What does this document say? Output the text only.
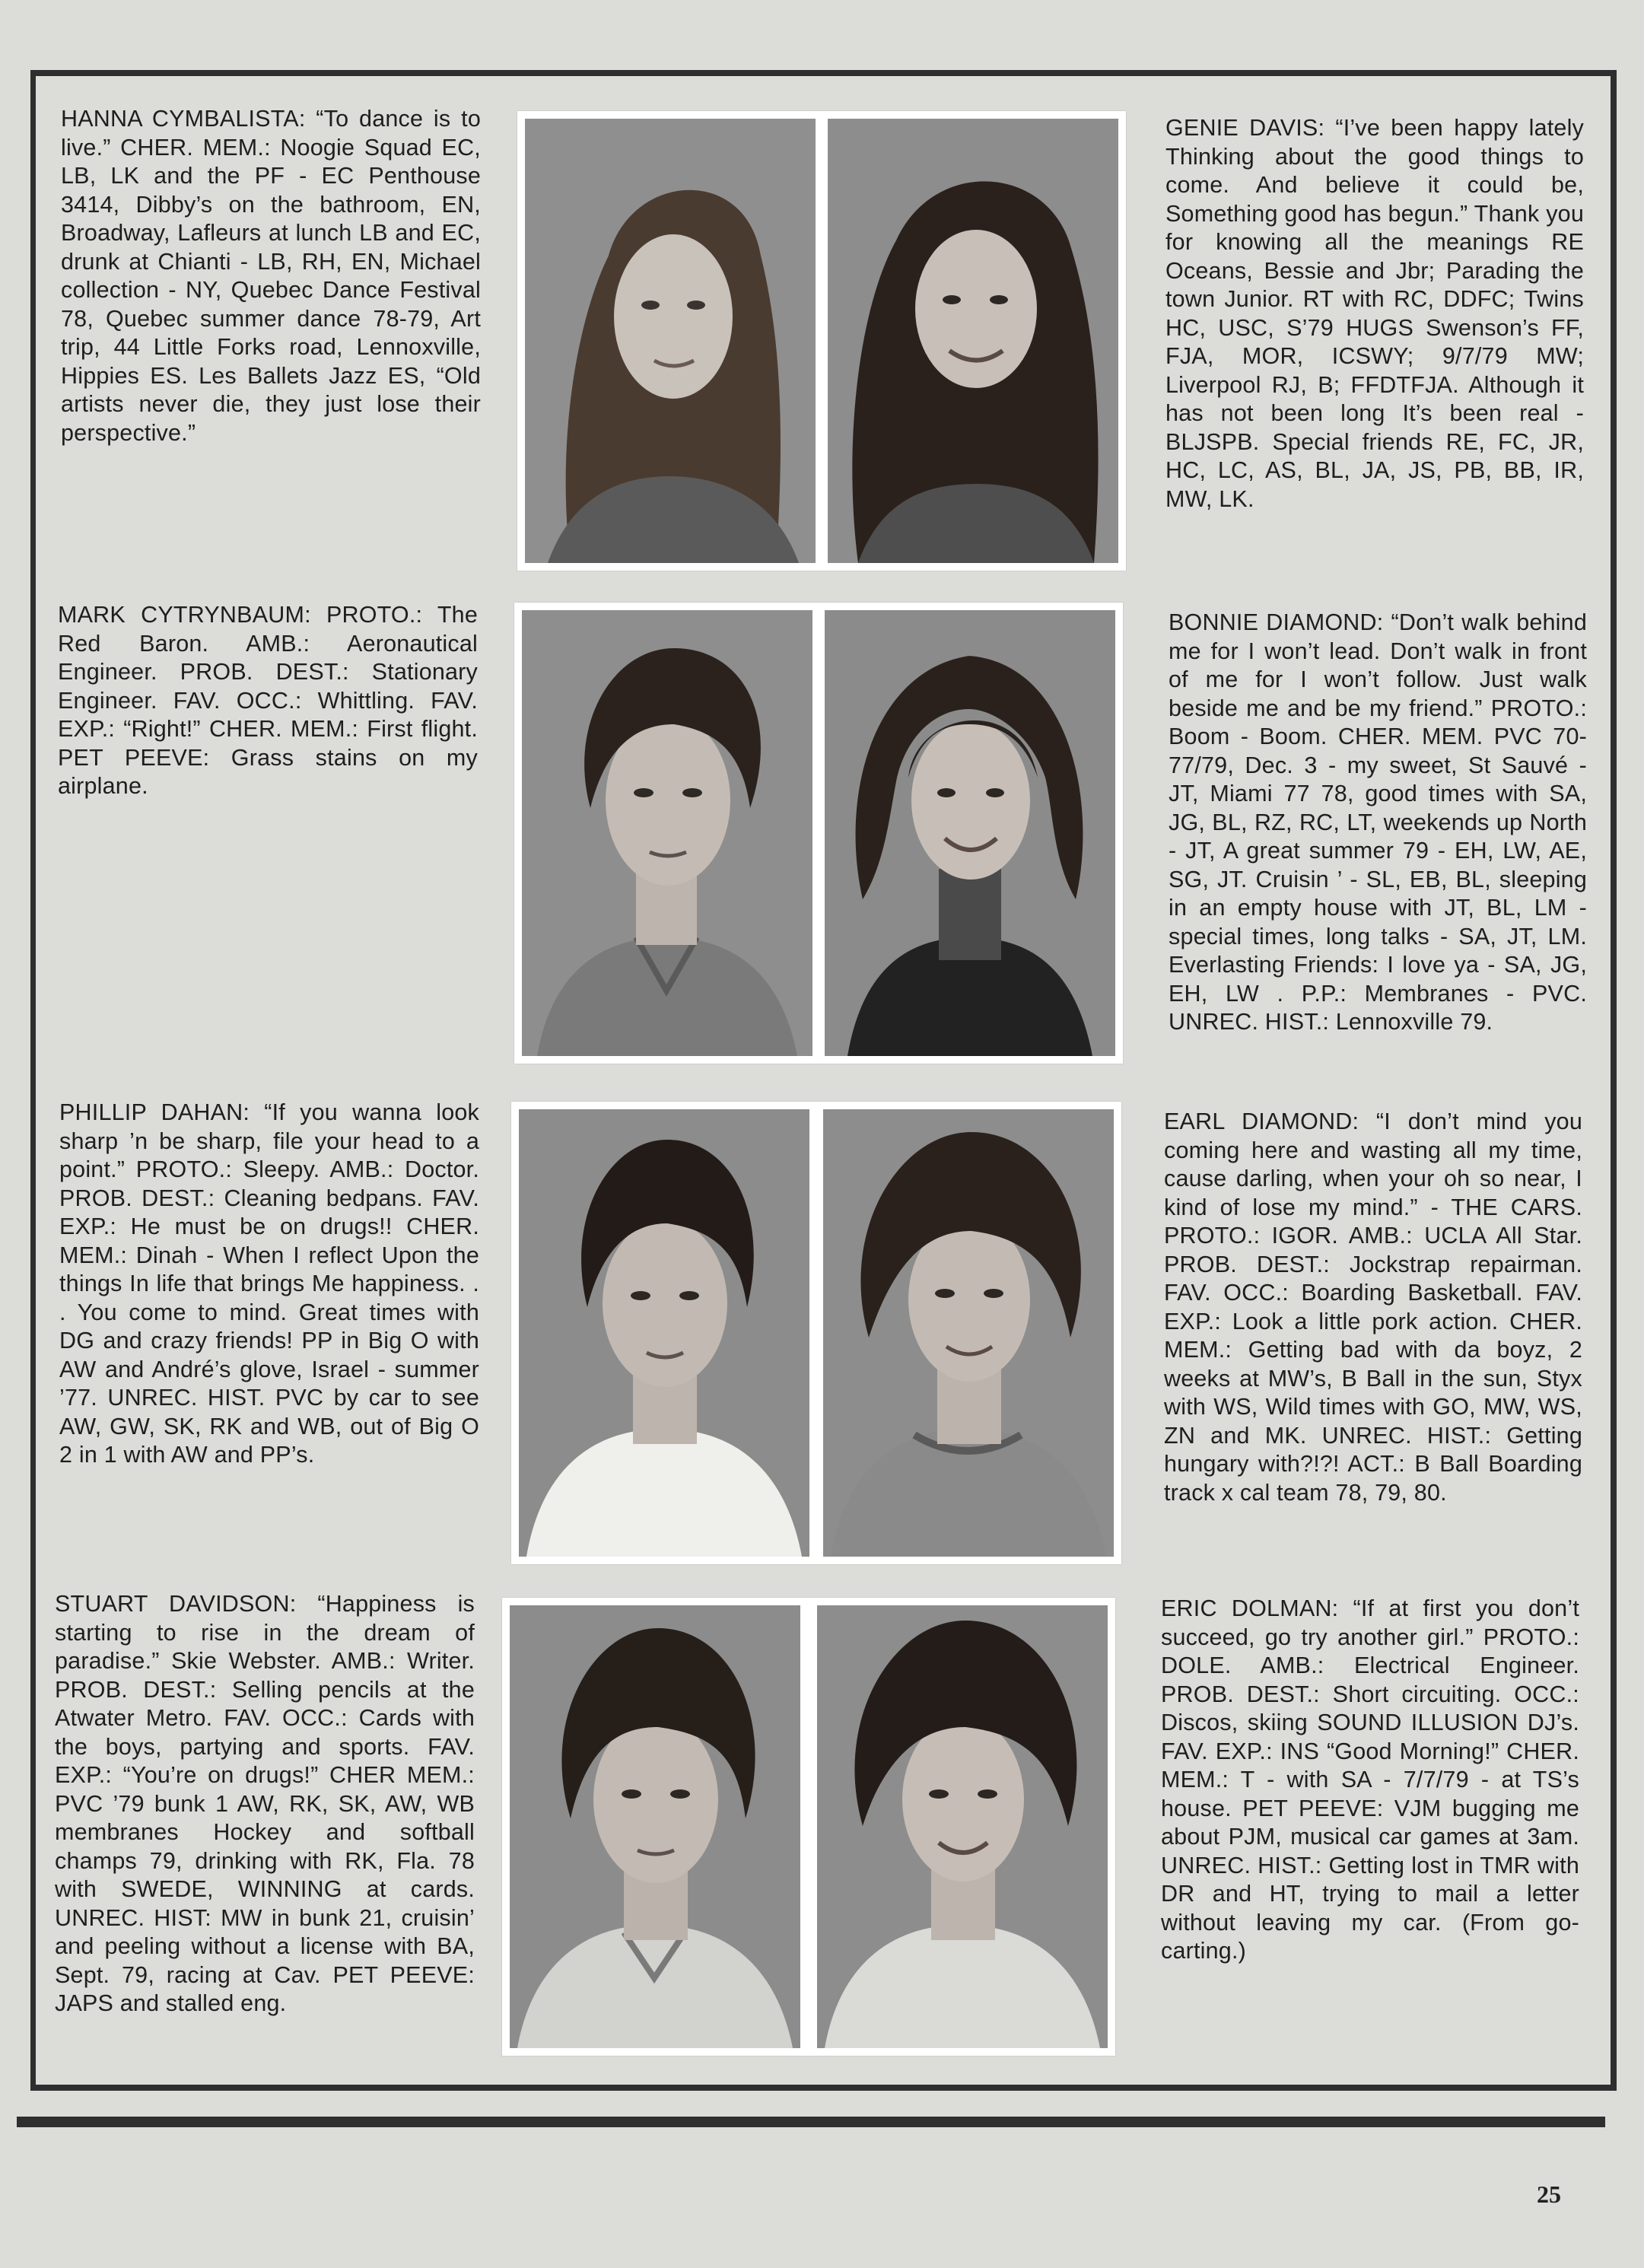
HANNA CYMBALISTA: “To dance is to live.” CHER. MEM.: Noogie Squad EC, LB, LK and the PF - EC Penthouse 3414, Dibby’s on the bathroom, EN, Broadway, Lafleurs at lunch LB and EC, drunk at Chianti - LB, RH, EN, Michael collection - NY, Quebec Dance Festival 78, Quebec summer dance 78-79, Art trip, 44 Little Forks road, Lennoxville, Hippies ES. Les Ballets Jazz ES, “Old artists never die, they just lose their perspective.”
GENIE DAVIS: “I’ve been happy lately Thinking about the good things to come. And believe it could be, Something good has begun.” Thank you for knowing all the meanings RE Oceans, Bessie and Jbr; Parading the town Junior. RT with RC, DDFC; Twins HC, USC, S’79 HUGS Swenson’s FF, FJA, MOR, ICSWY; 9/7/79 MW; Liverpool RJ, B; FFDTFJA. Although it has not been long It’s been real - BLJSPB. Special friends RE, FC, JR, HC, LC, AS, BL, JA, JS, PB, BB, IR, MW, LK.
MARK CYTRYNBAUM: PROTO.: The Red Baron. AMB.: Aeronautical Engineer. PROB. DEST.: Stationary Engineer. FAV. OCC.: Whittling. FAV. EXP.: “Right!” CHER. MEM.: First flight. PET PEEVE: Grass stains on my airplane.
BONNIE DIAMOND: “Don’t walk behind me for I won’t lead. Don’t walk in front of me for I won’t follow. Just walk beside me and be my friend.” PROTO.: Boom - Boom. CHER. MEM. PVC 70-77/79, Dec. 3 - my sweet, St Sauvé - JT, Miami 77 78, good times with SA, JG, BL, RZ, RC, LT, weekends up North - JT, A great summer 79 - EH, LW, AE, SG, JT. Cruisin ’ - SL, EB, BL, sleeping in an empty house with JT, BL, LM - special times, long talks - SA, JT, LM. Everlasting Friends: I love ya - SA, JG, EH, LW . P.P.: Membranes - PVC. UNREC. HIST.: Lennoxville 79.
PHILLIP DAHAN: “If you wanna look sharp ’n be sharp, file your head to a point.” PROTO.: Sleepy. AMB.: Doctor. PROB. DEST.: Cleaning bedpans. FAV. EXP.: He must be on drugs!! CHER. MEM.: Dinah - When I reflect Upon the things In life that brings Me happiness. . . You come to mind. Great times with DG and crazy friends! PP in Big O with AW and André’s glove, Israel - summer ’77. UNREC. HIST. PVC by car to see AW, GW, SK, RK and WB, out of Big O 2 in 1 with AW and PP’s.
EARL DIAMOND: “I don’t mind you coming here and wasting all my time, cause darling, when your oh so near, I kind of lose my mind.” - THE CARS. PROTO.: IGOR. AMB.: UCLA All Star. PROB. DEST.: Jockstrap repairman. FAV. OCC.: Boarding Basketball. FAV. EXP.: Look a little pork action. CHER. MEM.: Getting bad with da boyz, 2 weeks at MW’s, B Ball in the sun, Styx with WS, Wild times with GO, MW, WS, ZN and MK. UNREC. HIST.: Getting hungary with?!?! ACT.: B Ball Boarding track x cal team 78, 79, 80.
STUART DAVIDSON: “Happiness is starting to rise in the dream of paradise.” Skie Webster. AMB.: Writer. PROB. DEST.: Selling pencils at the Atwater Metro. FAV. OCC.: Cards with the boys, partying and sports. FAV. EXP.: “You’re on drugs!” CHER MEM.: PVC ’79 bunk 1 AW, RK, SK, AW, WB membranes Hockey and softball champs 79, drinking with RK, Fla. 78 with SWEDE, WINNING at cards. UNREC. HIST: MW in bunk 21, cruisin’ and peeling without a license with BA, Sept. 79, racing at Cav. PET PEEVE: JAPS and stalled eng.
ERIC DOLMAN: “If at first you don’t succeed, go try another girl.” PROTO.: DOLE. AMB.: Electrical Engineer. PROB. DEST.: Short circuiting. OCC.: Discos, skiing SOUND ILLUSION DJ’s. FAV. EXP.: INS “Good Morning!” CHER. MEM.: T - with SA - 7/7/79 - at TS’s house. PET PEEVE: VJM bugging me about PJM, musical car games at 3am. UNREC. HIST.: Getting lost in TMR with DR and HT, trying to mail a letter without leaving my car. (From go-carting.)
25
